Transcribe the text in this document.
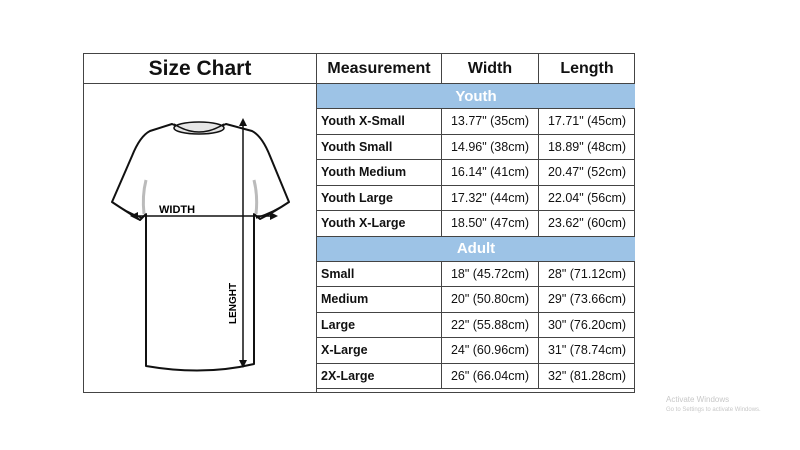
Size Chart
WIDTH
LENGHT
Measurement	Width	Length
Youth
Youth X-Small	13.77" (35cm)	17.71" (45cm)
Youth Small	14.96" (38cm)	18.89" (48cm)
Youth Medium	16.14" (41cm)	20.47" (52cm)
Youth Large	17.32" (44cm)	22.04" (56cm)
Youth X-Large	18.50" (47cm)	23.62" (60cm)
Adult
Small	18" (45.72cm)	28" (71.12cm)
Medium	20" (50.80cm)	29" (73.66cm)
Large	22" (55.88cm)	30" (76.20cm)
X-Large	24" (60.96cm)	31" (78.74cm)
2X-Large	26" (66.04cm)	32" (81.28cm)
Activate Windows
Go to Settings to activate Windows.
